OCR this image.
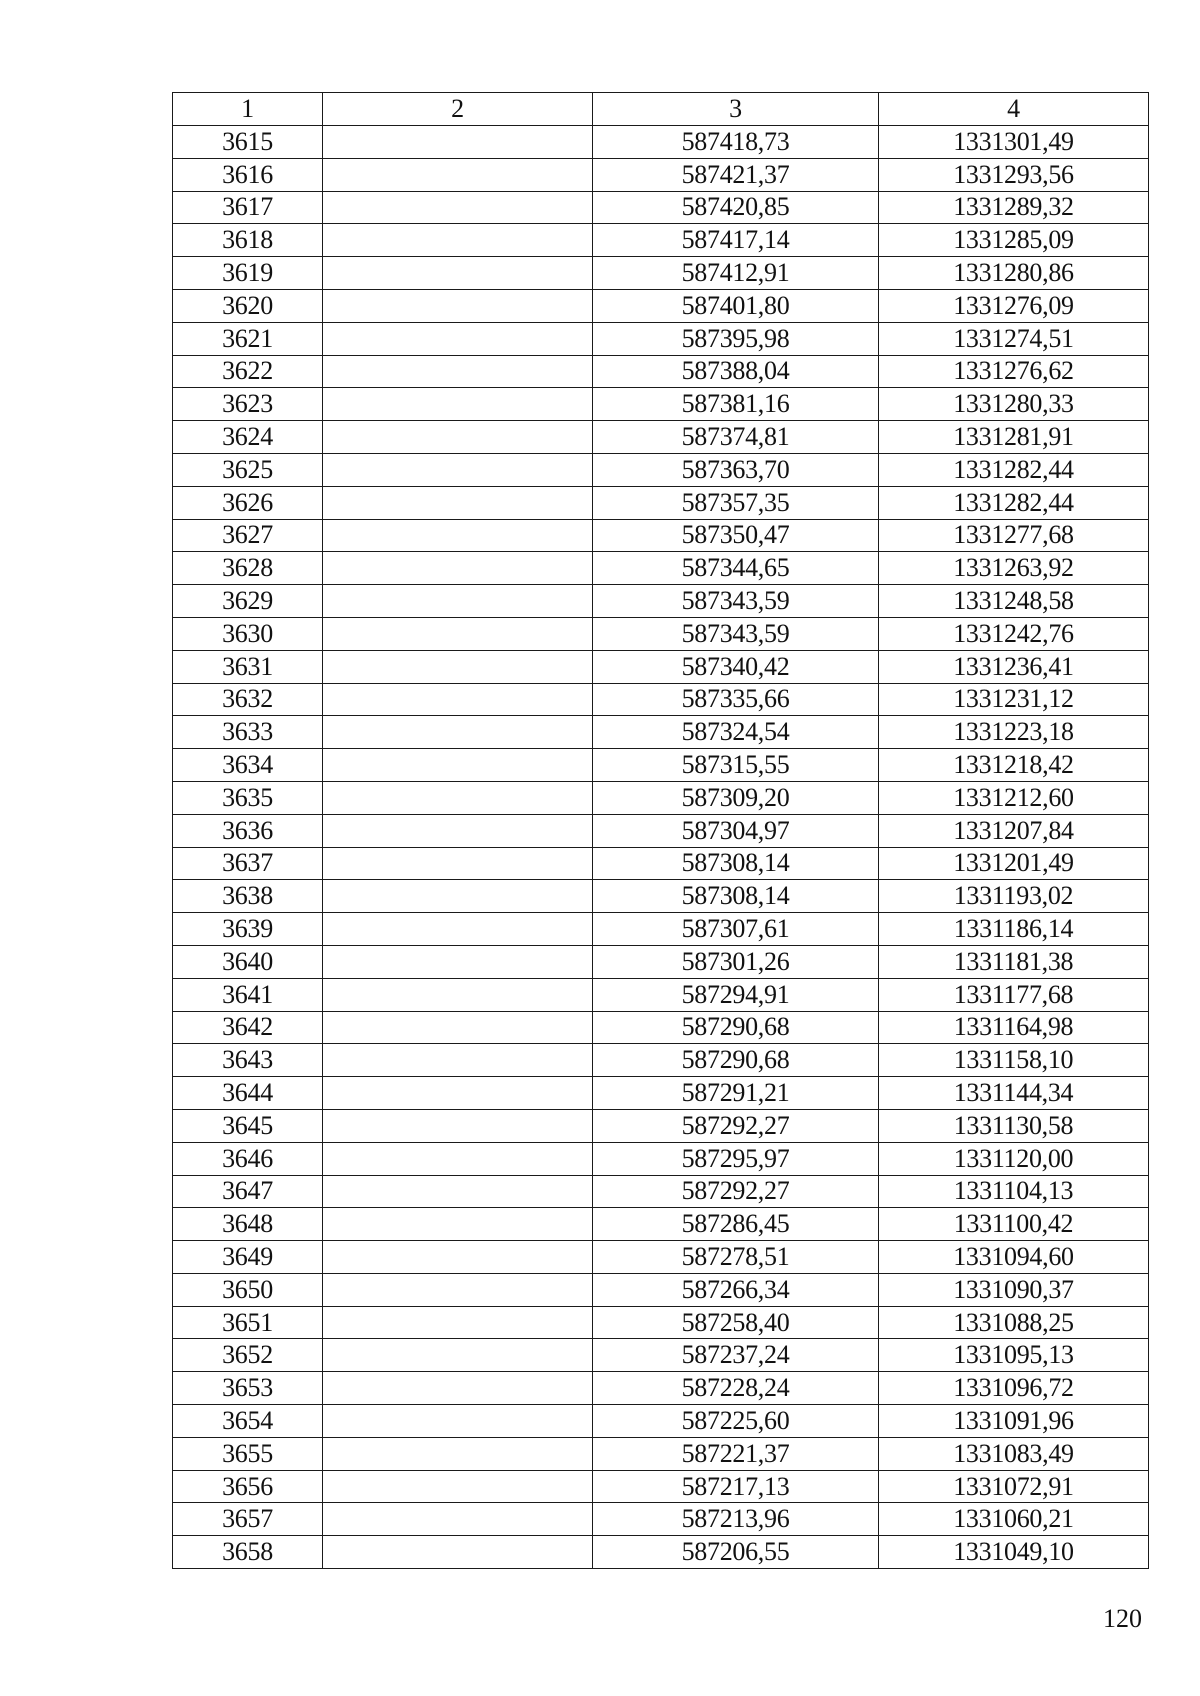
1	2	3	4
3615		587418,73	1331301,49
3616		587421,37	1331293,56
3617		587420,85	1331289,32
3618		587417,14	1331285,09
3619		587412,91	1331280,86
3620		587401,80	1331276,09
3621		587395,98	1331274,51
3622		587388,04	1331276,62
3623		587381,16	1331280,33
3624		587374,81	1331281,91
3625		587363,70	1331282,44
3626		587357,35	1331282,44
3627		587350,47	1331277,68
3628		587344,65	1331263,92
3629		587343,59	1331248,58
3630		587343,59	1331242,76
3631		587340,42	1331236,41
3632		587335,66	1331231,12
3633		587324,54	1331223,18
3634		587315,55	1331218,42
3635		587309,20	1331212,60
3636		587304,97	1331207,84
3637		587308,14	1331201,49
3638		587308,14	1331193,02
3639		587307,61	1331186,14
3640		587301,26	1331181,38
3641		587294,91	1331177,68
3642		587290,68	1331164,98
3643		587290,68	1331158,10
3644		587291,21	1331144,34
3645		587292,27	1331130,58
3646		587295,97	1331120,00
3647		587292,27	1331104,13
3648		587286,45	1331100,42
3649		587278,51	1331094,60
3650		587266,34	1331090,37
3651		587258,40	1331088,25
3652		587237,24	1331095,13
3653		587228,24	1331096,72
3654		587225,60	1331091,96
3655		587221,37	1331083,49
3656		587217,13	1331072,91
3657		587213,96	1331060,21
3658		587206,55	1331049,10
120
